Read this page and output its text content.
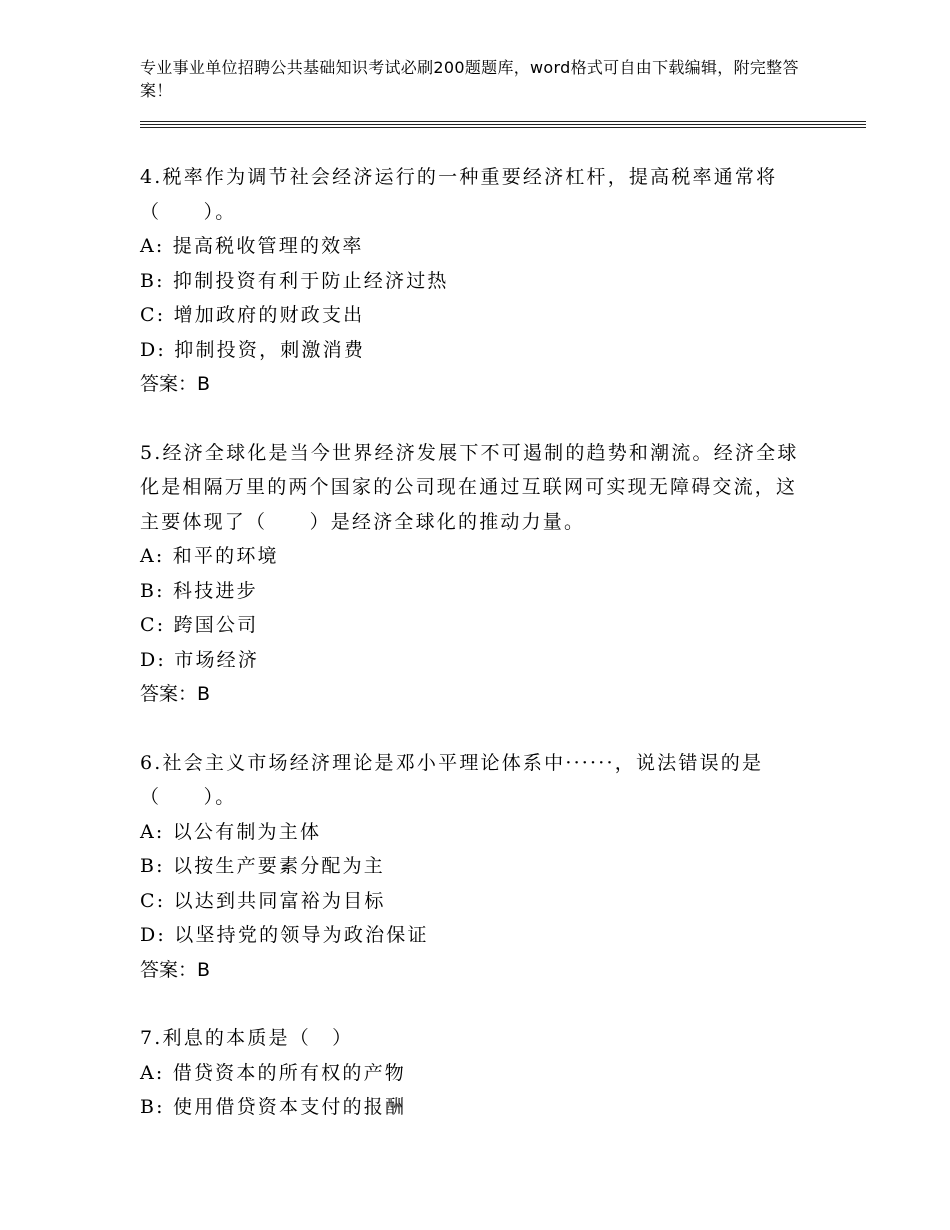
专业事业单位招聘公共基础知识考试必刷200题题库，word格式可自由下载编辑，附完整答案！

4.税率作为调节社会经济运行的一种重要经济杠杆，提高税率通常将（　　）。

A: 提高税收管理的效率

B: 抑制投资有利于防止经济过热

C: 增加政府的财政支出

D: 抑制投资，刺激消费

答案：B

5.经济全球化是当今世界经济发展下不可遏制的趋势和潮流。经济全球化是相隔万里的两个国家的公司现在通过互联网可实现无障碍交流，这主要体现了（　　）是经济全球化的推动力量。

A: 和平的环境

B: 科技进步

C: 跨国公司

D: 市场经济

答案：B

6.社会主义市场经济理论是邓小平理论体系中······，说法错误的是（　　）。

A: 以公有制为主体

B: 以按生产要素分配为主

C: 以达到共同富裕为目标

D: 以坚持党的领导为政治保证

答案：B

7.利息的本质是（　）

A: 借贷资本的所有权的产物

B: 使用借贷资本支付的报酬
